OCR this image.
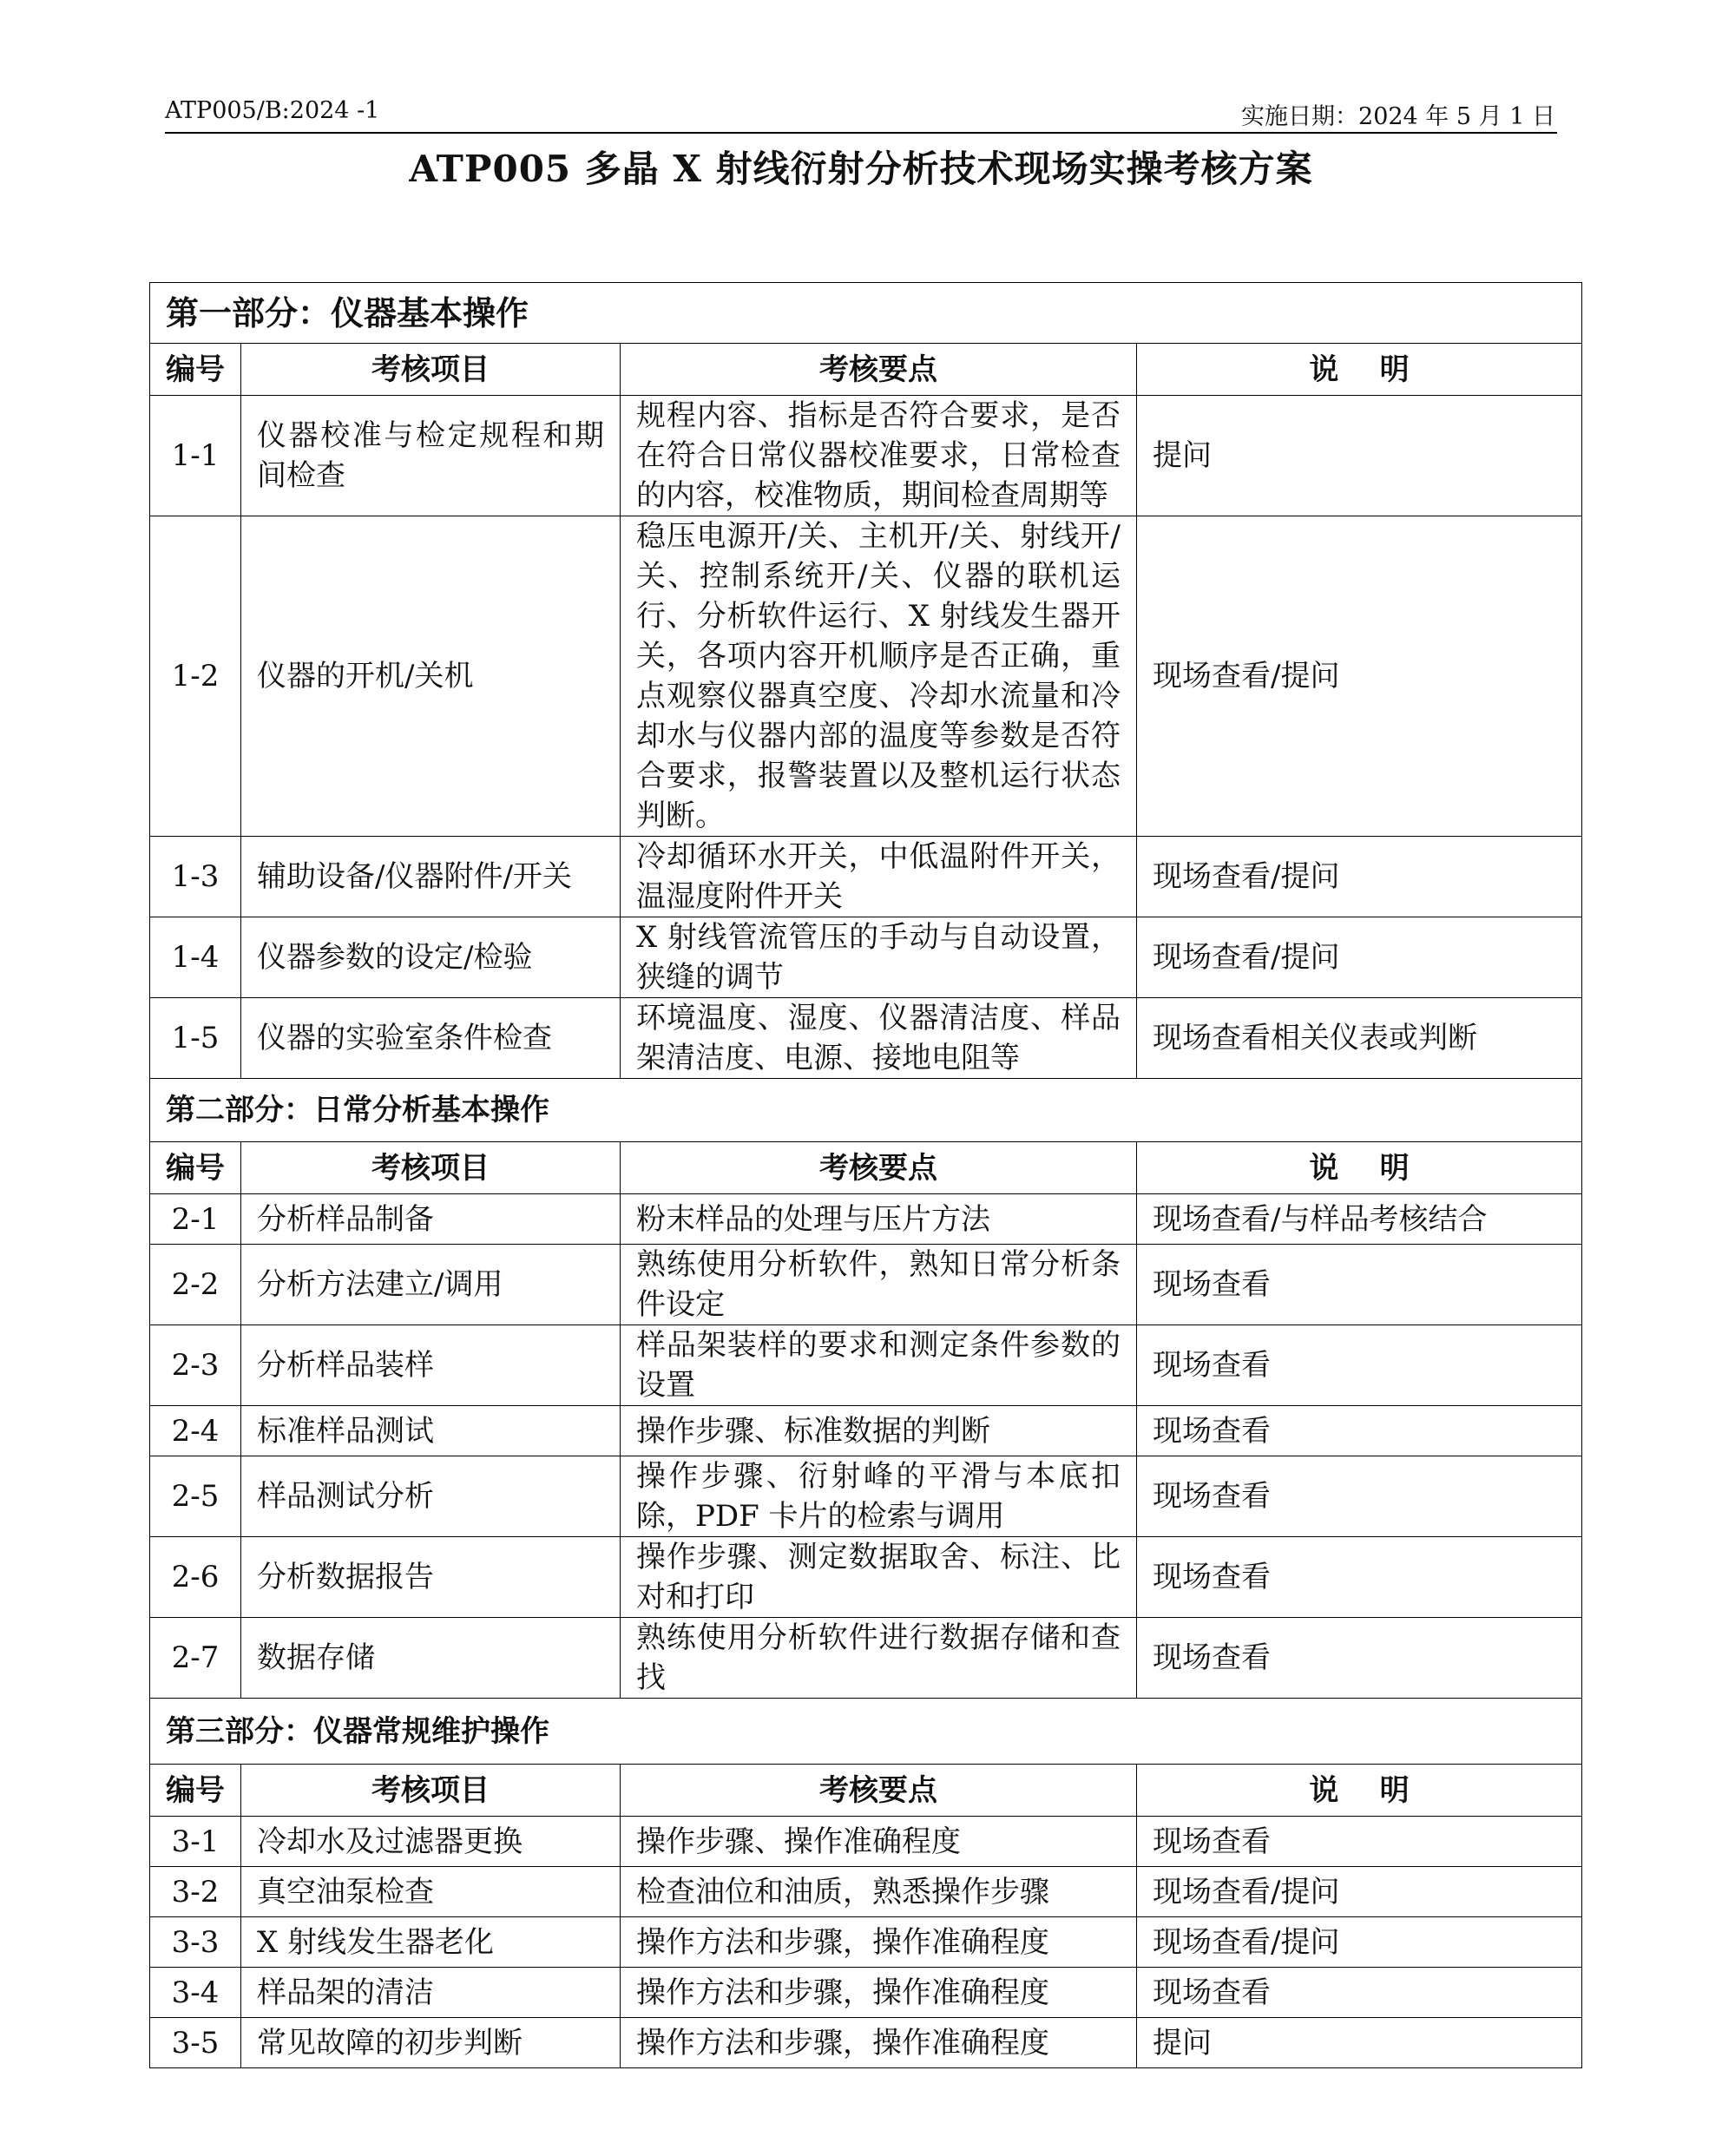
ATP005/B:2024 -1	实施日期：2024 年 5 月 1 日
ATP005 多晶 X 射线衍射分析技术现场实操考核方案
第一部分：仪器基本操作			
编号	考核项目	考核要点	说    明
1-1	仪器校准与检定规程和期间检查	规程内容、指标是否符合要求，是否在符合日常仪器校准要求，日常检查的内容，校准物质，期间检查周期等	提问
1-2	仪器的开机/关机	稳压电源开/关、主机开/关、射线开/关、控制系统开/关、仪器的联机运行、分析软件运行、X 射线发生器开关，各项内容开机顺序是否正确，重点观察仪器真空度、冷却水流量和冷却水与仪器内部的温度等参数是否符合要求，报警装置以及整机运行状态判断。	现场查看/提问
1-3	辅助设备/仪器附件/开关	冷却循环水开关，中低温附件开关，温湿度附件开关	现场查看/提问
1-4	仪器参数的设定/检验	X 射线管流管压的手动与自动设置，狭缝的调节	现场查看/提问
1-5	仪器的实验室条件检查	环境温度、湿度、仪器清洁度、样品架清洁度、电源、接地电阻等	现场查看相关仪表或判断
第二部分：日常分析基本操作			
编号	考核项目	考核要点	说    明
2-1	分析样品制备	粉末样品的处理与压片方法	现场查看/与样品考核结合
2-2	分析方法建立/调用	熟练使用分析软件，熟知日常分析条件设定	现场查看
2-3	分析样品装样	样品架装样的要求和测定条件参数的设置	现场查看
2-4	标准样品测试	操作步骤、标准数据的判断	现场查看
2-5	样品测试分析	操作步骤、衍射峰的平滑与本底扣除，PDF 卡片的检索与调用	现场查看
2-6	分析数据报告	操作步骤、测定数据取舍、标注、比对和打印	现场查看
2-7	数据存储	熟练使用分析软件进行数据存储和查找	现场查看
第三部分：仪器常规维护操作			
编号	考核项目	考核要点	说    明
3-1	冷却水及过滤器更换	操作步骤、操作准确程度	现场查看
3-2	真空油泵检查	检查油位和油质，熟悉操作步骤	现场查看/提问
3-3	X 射线发生器老化	操作方法和步骤，操作准确程度	现场查看/提问
3-4	样品架的清洁	操作方法和步骤，操作准确程度	现场查看
3-5	常见故障的初步判断	操作方法和步骤，操作准确程度	提问
